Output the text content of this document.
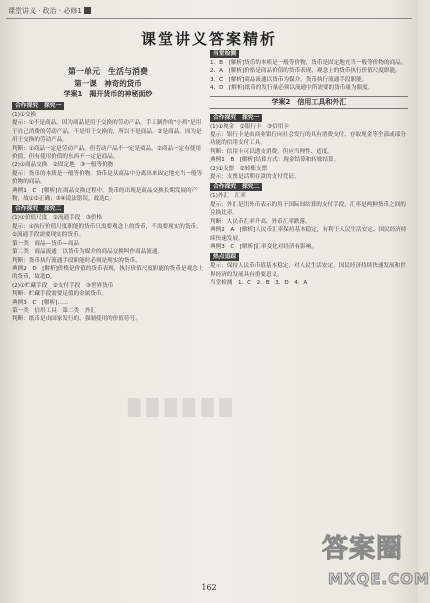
课堂讲义 · 政治 · 必修1
课堂讲义答案精析
第一单元　生活与消费
第一课　神奇的货币
学案1　揭开货币的神秘面纱
合作探究　探究一

(1)①交换

提示：①不是商品。因为商品是用于交换的劳动产品。手工制作的"小鸡"是用于自己消费的劳动产品，不是用于交换的，所以不是商品。②是商品。因为是用于交换的劳动产品。

判断：①商品一定是劳动产品，但劳动产品不一定是商品。②商品一定有使用价值，但有使用价值的东西不一定是商品。

(2)①商品交换　②固定地　③一般等价物

提示：货币的本质是一般等价物。货币是从商品中分离出来固定地充当一般等价物的商品。

典例1　C　[解析]在商品交换过程中，货币的出现是商品交换长期发展的产物，故①②正确；③④说法错误。故选C。

合作探究　探究二

(1)①价值尺度　②流通手段　③价格

提示：①执行价值尺度职能的货币只需要观念上的货币，不需要现实的货币。②流通手段需要现实的货币。

第一类　商品—货币—商品

第二类　商品流通　以货币为媒介的商品交换叫作商品流通。

判断：货币执行流通手段职能时必须是现实的货币。

典例2　D　[解析]价格是价值的货币表现，执行价值尺度职能的货币是观念上的货币，故选D。

(2)①贮藏手段　②支付手段　③世界货币

判断：贮藏手段需要足值的金属货币。

典例3　C　[解析]……

第一类　信用工具　第二类　外汇

判断：纸币是由国家发行的、强制使用的价值符号。

当堂检测

1．B　[解析]货币的本质是一般等价物，货币是固定地充当一般等价物的商品。

2．A　[解析]价格是商品价值的货币表现，观念上的货币执行价值尺度职能。

3．C　[解析]商品流通以货币为媒介，货币执行流通手段职能。

4．D　[解析]纸币的发行量必须以流通中所需要的货币量为限度。

学案2　信用工具和外汇
合作探究　探究一

(1)①现金　②银行卡　③信用卡

提示：银行卡是由商业银行向社会发行的具有消费支付、存取现金等全部或部分功能的信用支付工具。

判断：信用卡可以透支消费，但应当理性、适度。

典例1　B　[解析]结算方式：现金结算和转账结算。

(2)①支票　②转账支票

提示：支票是活期存款的支付凭证。

合作探究　探究二

(1)外汇　汇率

提示：外汇是用外币表示的用于国际间结算的支付手段。汇率是两种货币之间的兑换比率。

判断：人民币汇率升高，外币汇率跌落。

典例2　A　[解析]人民币汇率保持基本稳定，有利于人民生活安定、国民经济持续快速发展。

典例3　C　[解析]汇率变化对经济有影响。

热点追踪

提示：保持人民币币值基本稳定，对人民生活安定、国民经济持续快速发展和世界经济的发展具有重要意义。

当堂检测　1．C　2．B　3．D　4．A

██████
162
答案圈
MXQE.COM
